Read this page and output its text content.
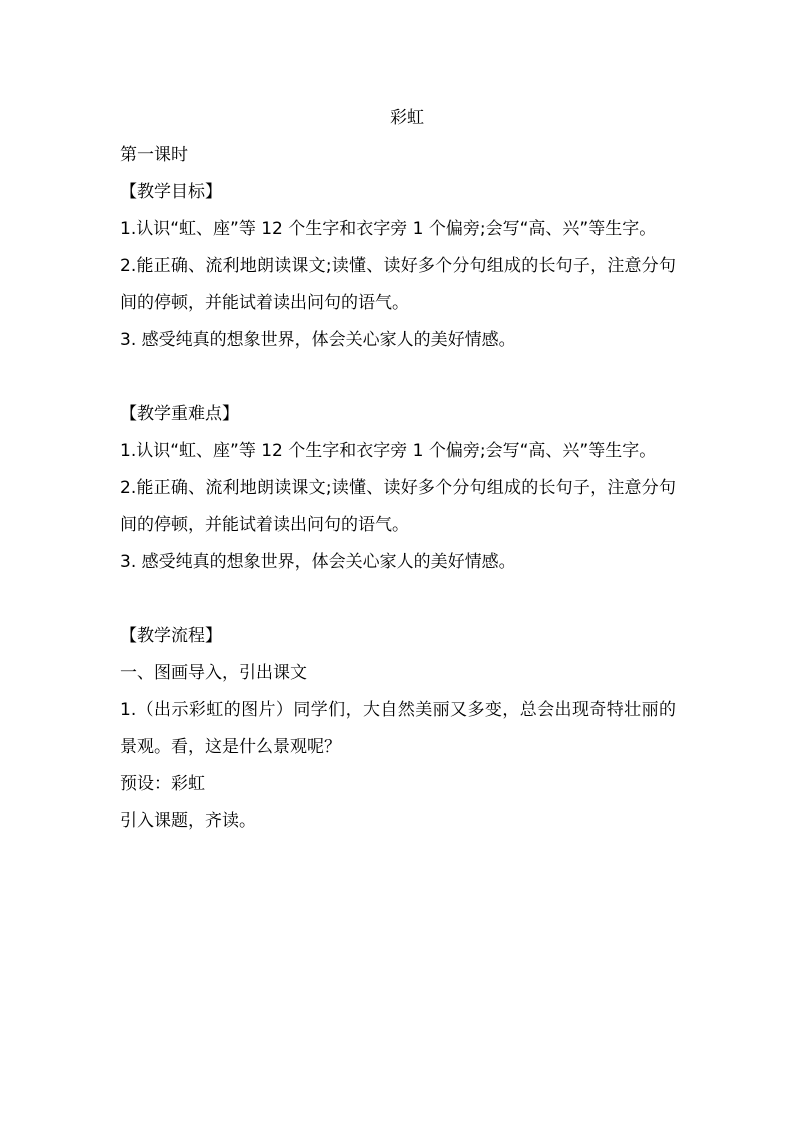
彩虹

第一课时

【教学目标】

1.认识“虹、座”等 12 个生字和衣字旁 1 个偏旁;会写“高、兴”等生字。

2.能正确、流利地朗读课文;读懂、读好多个分句组成的长句子，注意分句间的停顿，并能试着读出问句的语气。

3. 感受纯真的想象世界，体会关心家人的美好情感。

【教学重难点】

1.认识“虹、座”等 12 个生字和衣字旁 1 个偏旁;会写“高、兴”等生字。

2.能正确、流利地朗读课文;读懂、读好多个分句组成的长句子，注意分句间的停顿，并能试着读出问句的语气。

3. 感受纯真的想象世界，体会关心家人的美好情感。

【教学流程】

一、图画导入，引出课文

1.（出示彩虹的图片）同学们，大自然美丽又多变，总会出现奇特壮丽的景观。看，这是什么景观呢？

预设：彩虹

引入课题，齐读。
